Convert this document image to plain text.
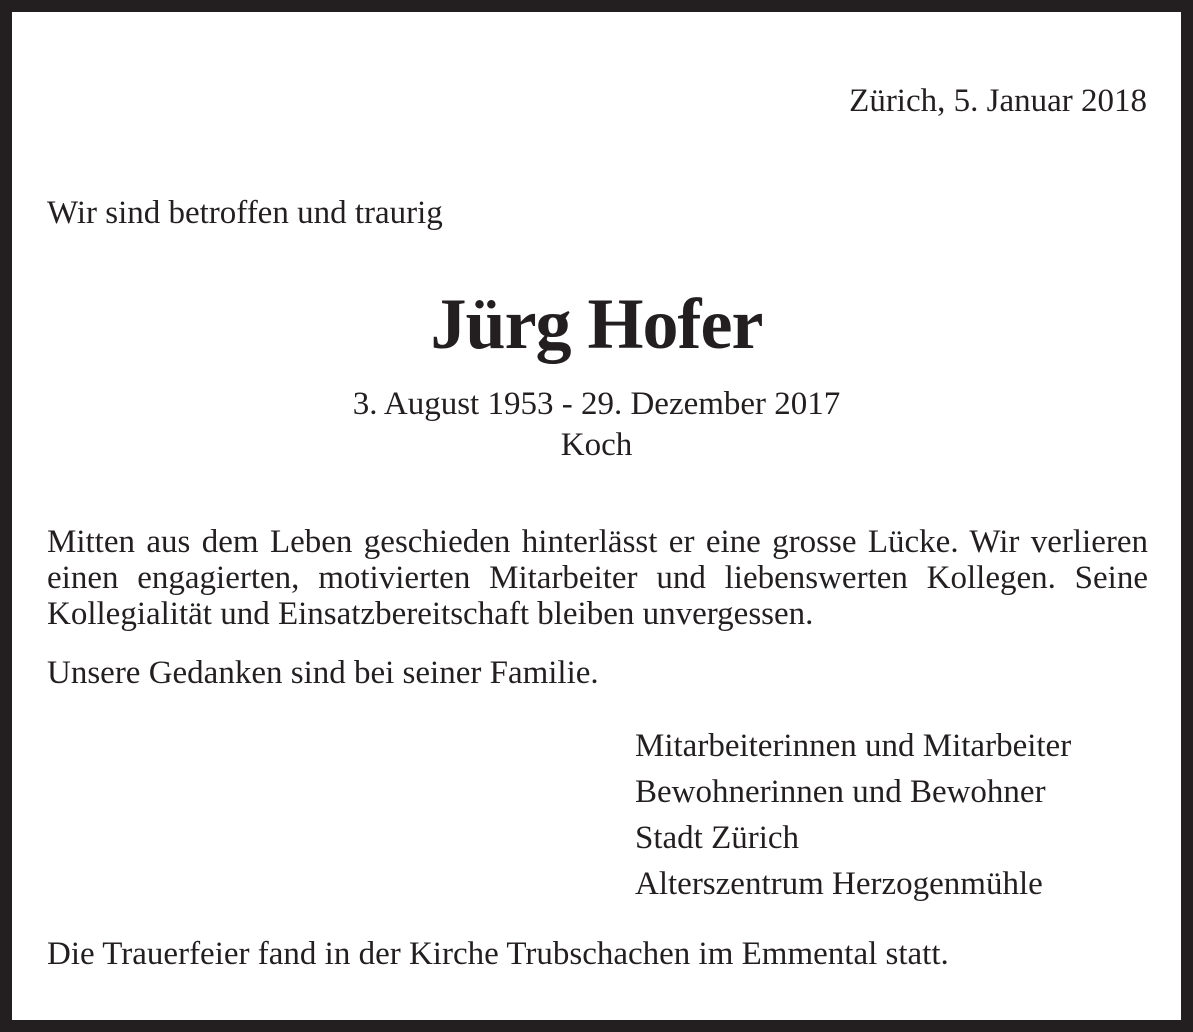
Zürich, 5. Januar 2018

Wir sind betroffen und traurig

Jürg Hofer

3. August 1953 - 29. Dezember 2017

Koch

Mitten aus dem Leben geschieden hinterlässt er eine grosse Lücke. Wir verlieren einen engagierten, motivierten Mitarbeiter und liebenswerten Kollegen. Seine Kollegialität und Einsatzbereitschaft bleiben unvergessen.

Unsere Gedanken sind bei seiner Familie.

Mitarbeiterinnen und Mitarbeiter
Bewohnerinnen und Bewohner
Stadt Zürich
Alterszentrum Herzogenmühle

Die Trauerfeier fand in der Kirche Trubschachen im Emmental statt.
